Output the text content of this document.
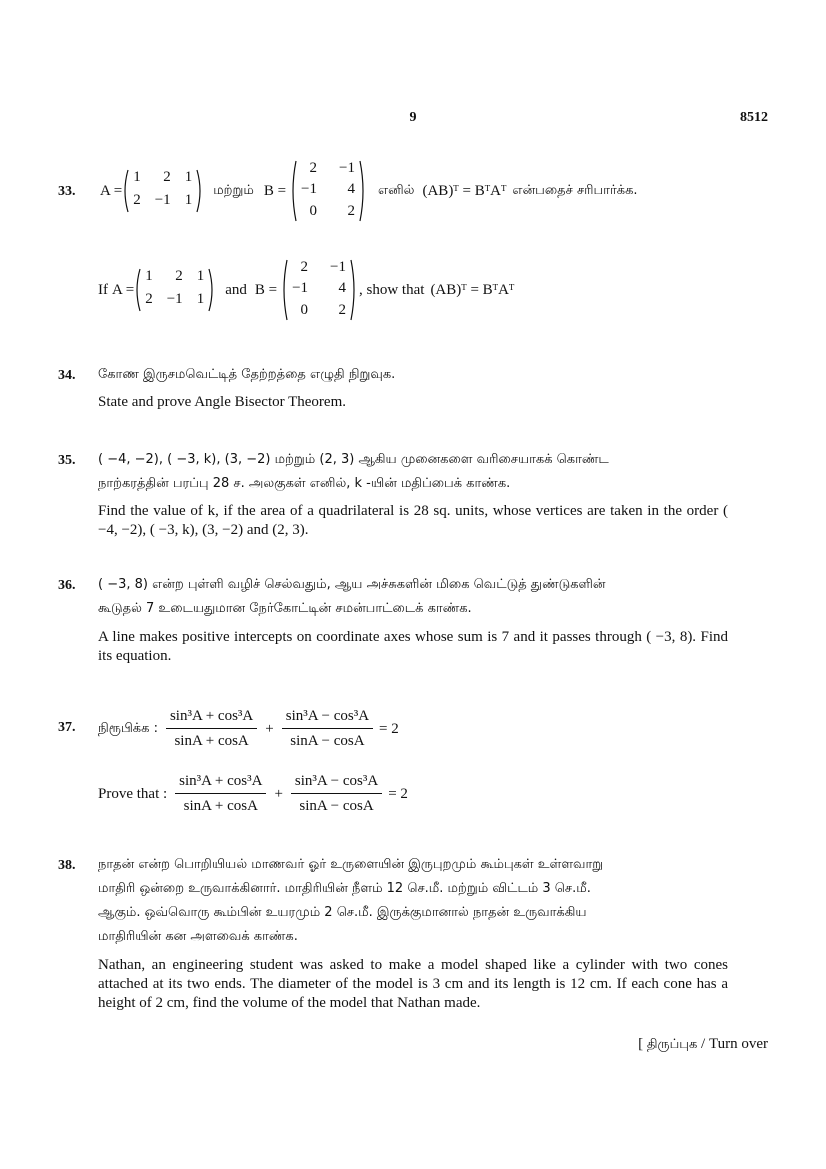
9	8512
33. A =
1	2 1
2 −1 1
மற்றும் B =
2 −1
−1	4
0	2
எனில் (AB)ᵀ = BᵀAᵀ என்பதைச் சரிபார்க்க.
If A =
1	2 1
2 −1 1
and B =
2 −1
−1	4
0	2
, show that (AB)ᵀ = BᵀAᵀ
34. கோண இருசமவெட்டித் தேற்றத்தை எழுதி நிறுவுக.
State and prove Angle Bisector Theorem.
35. ( −4, −2), ( −3, k), (3, −2) மற்றும் (2, 3) ஆகிய முனைகளை வரிசையாகக் கொண்ட
நாற்கரத்தின் பரப்பு 28 ச. அலகுகள் எனில், k -யின் மதிப்பைக் காண்க.
Find the value of k, if the area of a quadrilateral is 28 sq. units, whose vertices are taken in the order ( −4, −2), ( −3, k), (3, −2) and (2, 3).
36. ( −3, 8) என்ற புள்ளி வழிச் செல்வதும், ஆய அச்சுகளின் மிகை வெட்டுத் துண்டுகளின்
கூடுதல் 7 உடையதுமான நேர்கோட்டின் சமன்பாட்டைக் காண்க.
A line makes positive intercepts on coordinate axes whose sum is 7 and it passes through ( −3, 8). Find its equation.
37. நிரூபிக்க : $\frac{\text{sin³A + cos³A}}{\sin A + \cos A} + \frac{\text{sin³A − cos³A}}{\sin A - \cos A} = 2$
Prove that : $\frac{\text{sin³A + cos³A}}{\sin A + \cos A} + \frac{\text{sin³A − cos³A}}{\sin A - \cos A} = 2$
38. நாதன் என்ற பொறியியல் மாணவர் ஓர் உருளையின் இருபுறமும் கூம்புகள் உள்ளவாறு
மாதிரி ஒன்றை உருவாக்கினார். மாதிரியின் நீளம் 12 செ.மீ. மற்றும் விட்டம் 3 செ.மீ.
ஆகும். ஒவ்வொரு கூம்பின் உயரமும் 2 செ.மீ. இருக்குமானால் நாதன் உருவாக்கிய
மாதிரியின் கன அளவைக் காண்க.
Nathan, an engineering student was asked to make a model shaped like a cylinder with two cones attached at its two ends. The diameter of the model is 3 cm and its length is 12 cm. If each cone has a height of 2 cm, find the volume of the model that Nathan made.
[ திருப்புக / Turn over
